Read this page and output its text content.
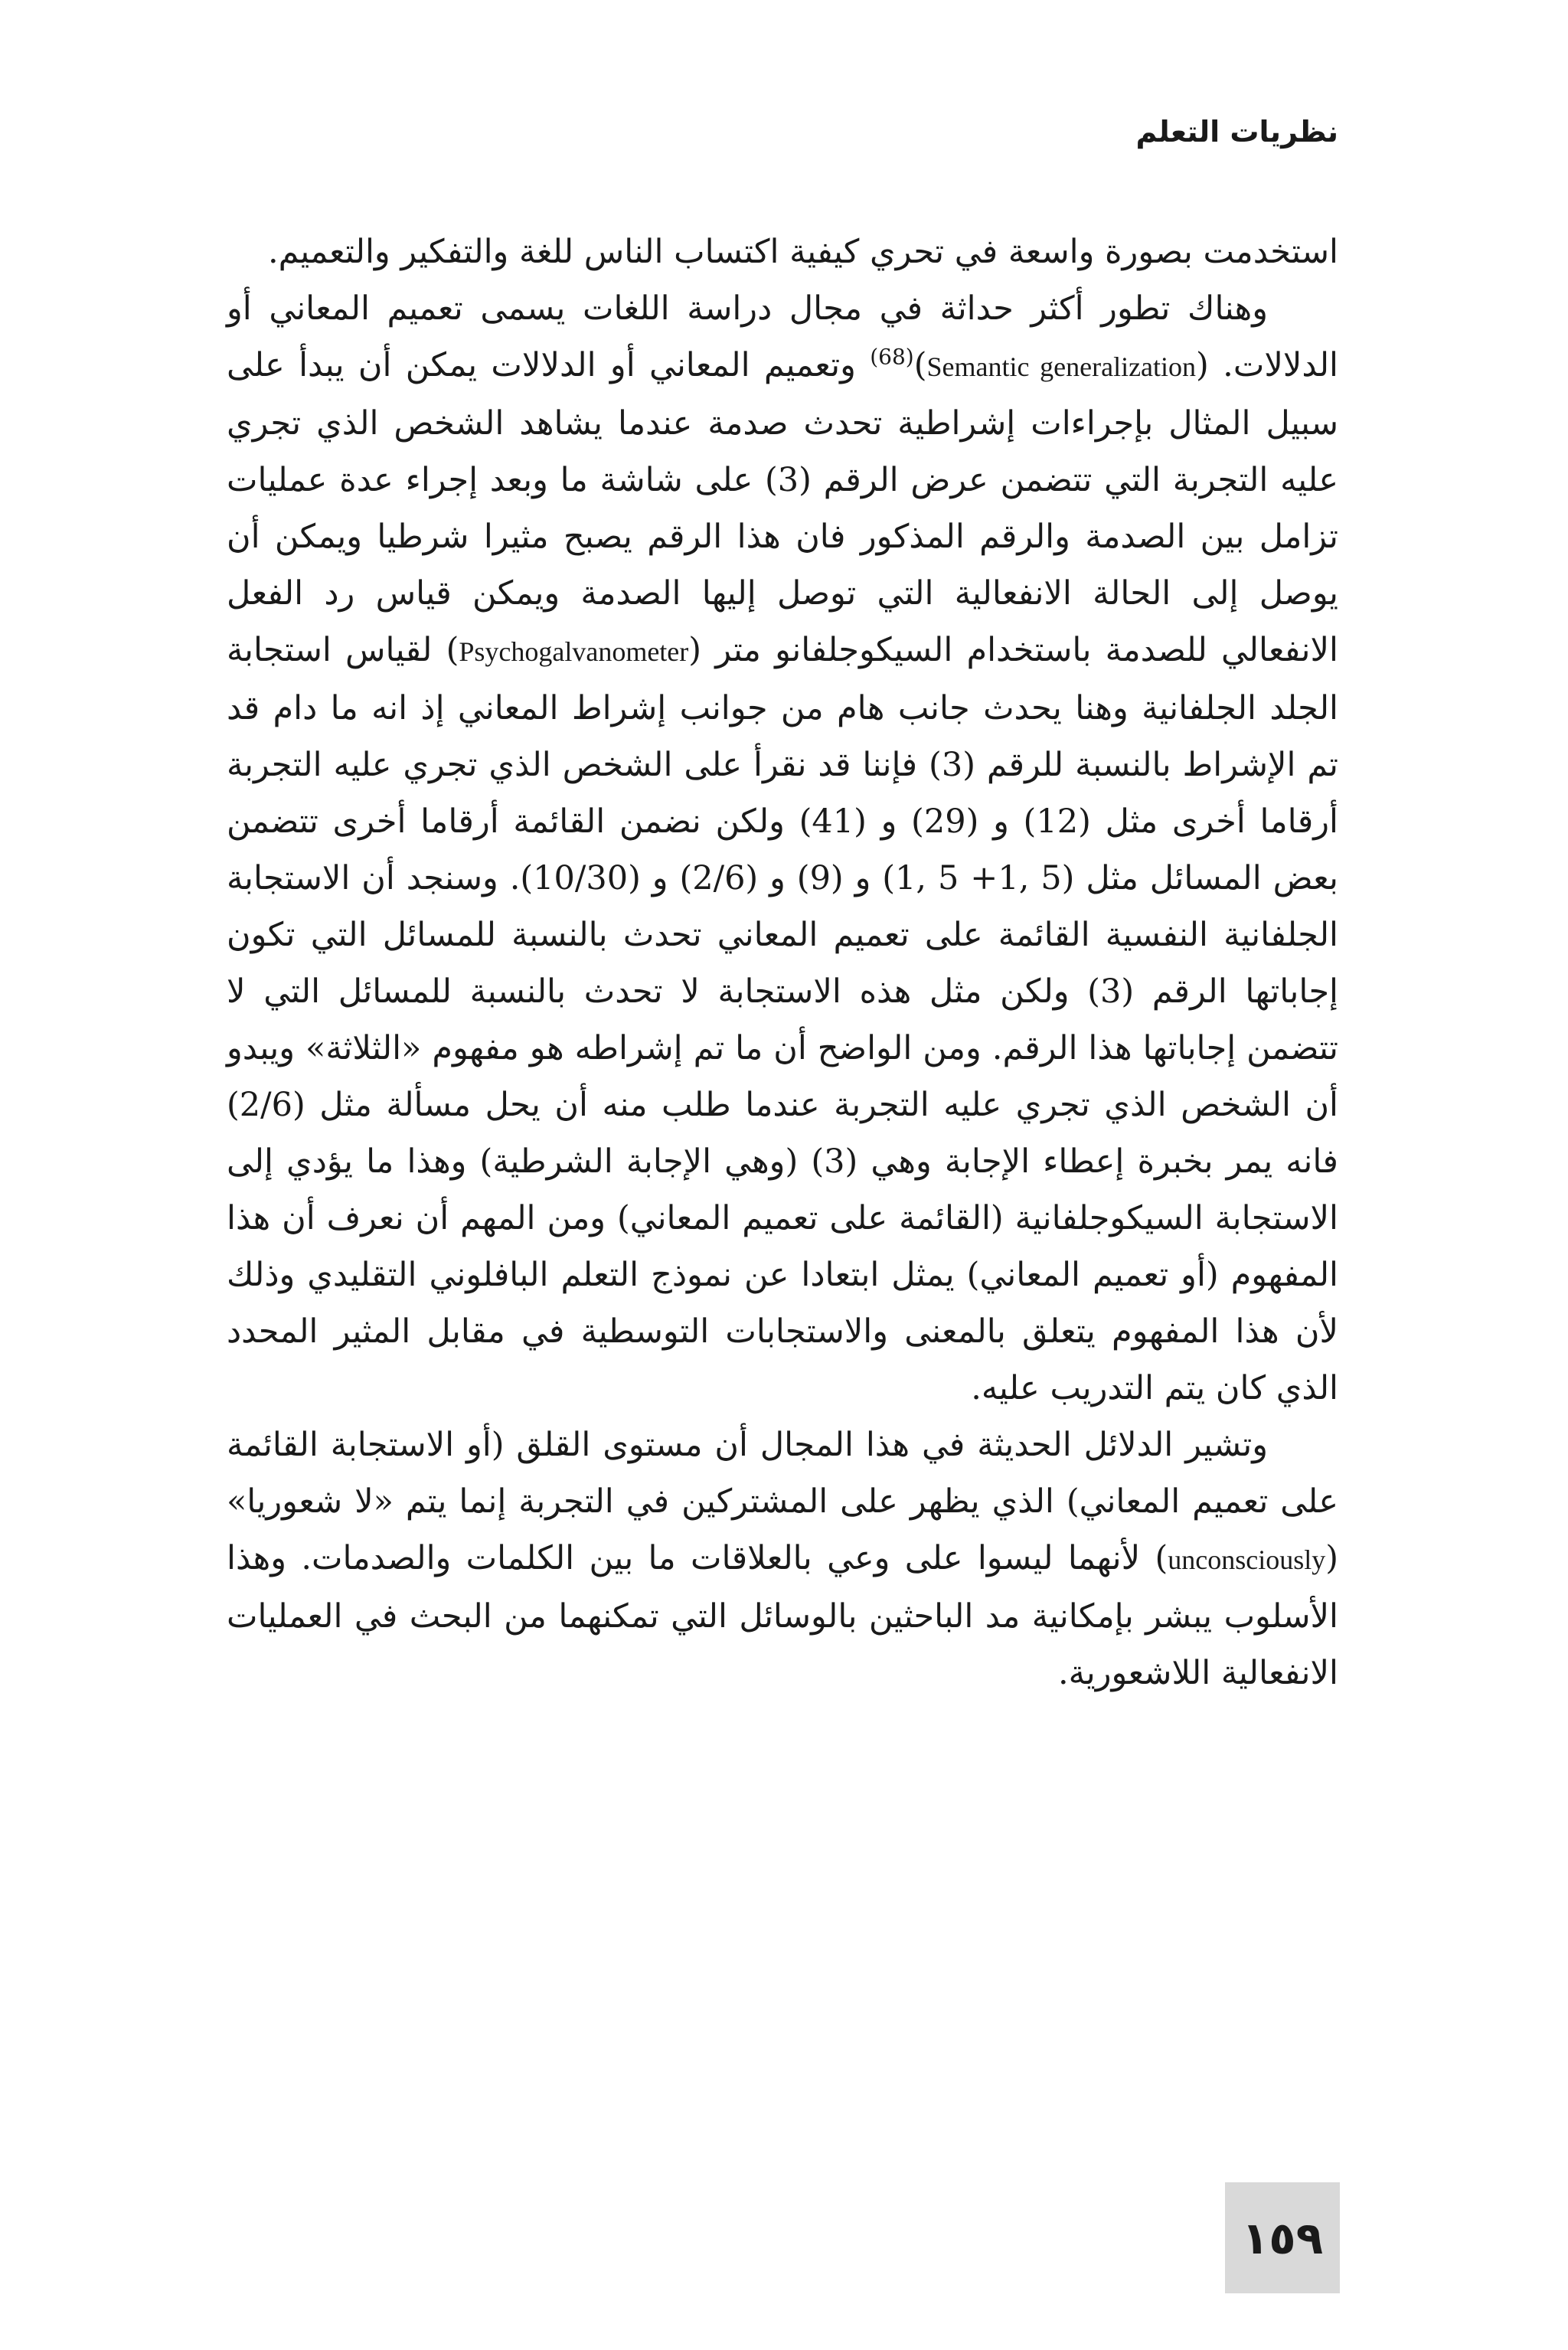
نظريات التعلم

استخدمت بصورة واسعة في تحري كيفية اكتساب الناس للغة والتفكير والتعميم.

وهناك تطور أكثر حداثة في مجال دراسة اللغات يسمى تعميم المعاني أو الدلالات. (Semantic generalization)$^{(68)}$ وتعميم المعاني أو الدلالات يمكن أن يبدأ على سبيل المثال بإجراءات إشراطية تحدث صدمة عندما يشاهد الشخص الذي تجري عليه التجربة التي تتضمن عرض الرقم (3) على شاشة ما وبعد إجراء عدة عمليات تزامل بين الصدمة والرقم المذكور فان هذا الرقم يصبح مثيرا شرطيا ويمكن أن يوصل إلى الحالة الانفعالية التي توصل إليها الصدمة ويمكن قياس رد الفعل الانفعالي للصدمة باستخدام السيكوجلفانو متر (Psychogalvanometer) لقياس استجابة الجلد الجلفانية وهنا يحدث جانب هام من جوانب إشراط المعاني إذ انه ما دام قد تم الإشراط بالنسبة للرقم (3) فإننا قد نقرأ على الشخص الذي تجري عليه التجربة أرقاما أخرى مثل (12) و (29) و (41) ولكن نضمن القائمة أرقاما أخرى تتضمن بعض المسائل مثل (5 ,1+ 5 ,1) و (9) و (2/6) و (10/30). وسنجد أن الاستجابة الجلفانية النفسية القائمة على تعميم المعاني تحدث بالنسبة للمسائل التي تكون إجاباتها الرقم (3) ولكن مثل هذه الاستجابة لا تحدث بالنسبة للمسائل التي لا تتضمن إجاباتها هذا الرقم. ومن الواضح أن ما تم إشراطه هو مفهوم «الثلاثة» ويبدو أن الشخص الذي تجري عليه التجربة عندما طلب منه أن يحل مسألة مثل (2/6) فانه يمر بخبرة إعطاء الإجابة وهي (3) (وهي الإجابة الشرطية) وهذا ما يؤدي إلى الاستجابة السيكوجلفانية (القائمة على تعميم المعاني) ومن المهم أن نعرف أن هذا المفهوم (أو تعميم المعاني) يمثل ابتعادا عن نموذج التعلم البافلوني التقليدي وذلك لأن هذا المفهوم يتعلق بالمعنى والاستجابات التوسطية في مقابل المثير المحدد الذي كان يتم التدريب عليه.

وتشير الدلائل الحديثة في هذا المجال أن مستوى القلق (أو الاستجابة القائمة على تعميم المعاني) الذي يظهر على المشتركين في التجربة إنما يتم «لا شعوريا» (unconsciously) لأنهما ليسوا على وعي بالعلاقات ما بين الكلمات والصدمات. وهذا الأسلوب يبشر بإمكانية مد الباحثين بالوسائل التي تمكنهما من البحث في العمليات الانفعالية اللاشعورية.

١٥٩
